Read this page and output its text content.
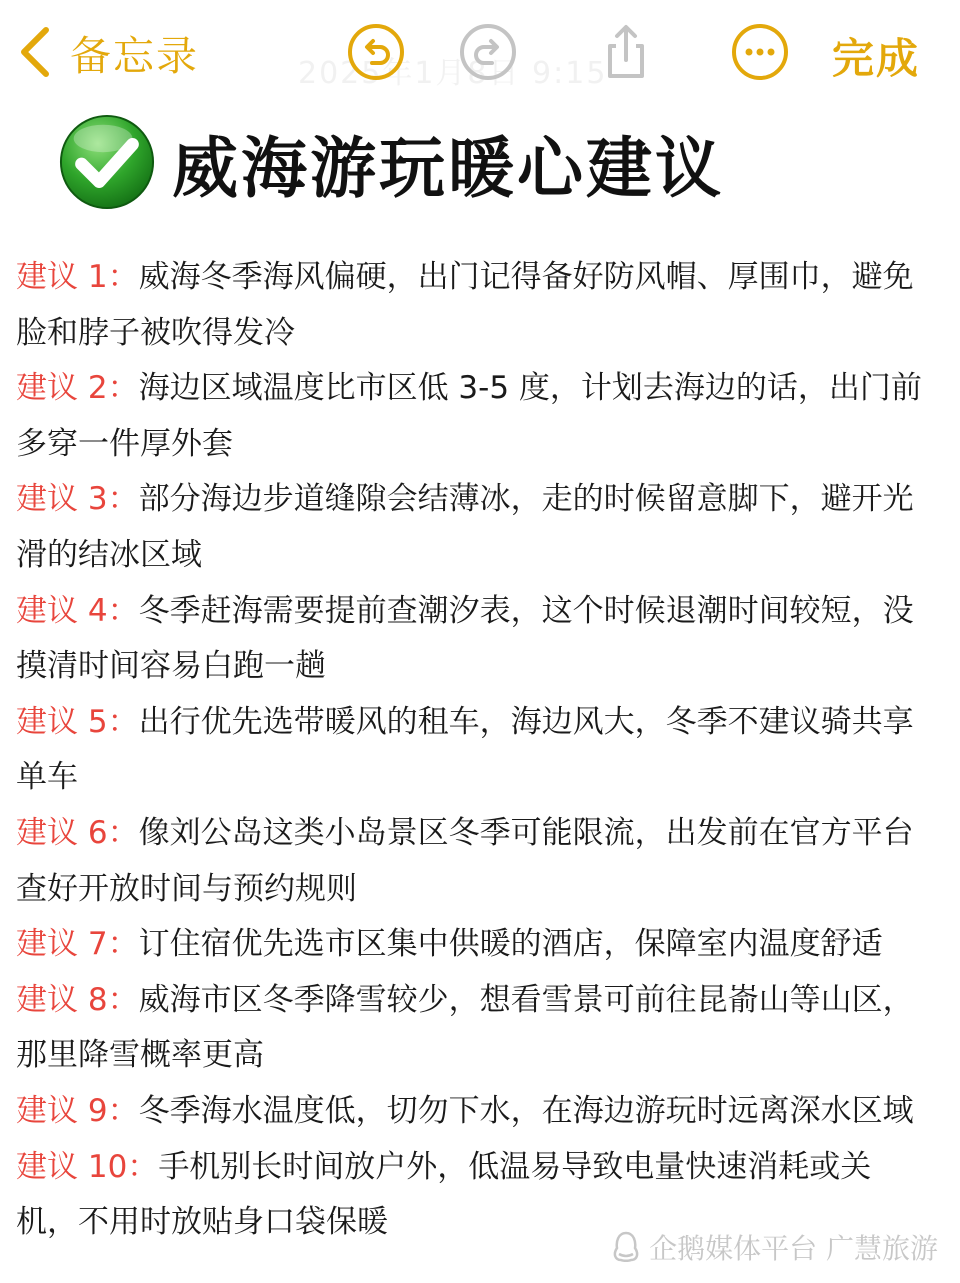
2025年1月8日 9:15
备忘录	完成
威海游玩暖心建议

建议 1：威海冬季海风偏硬，出门记得备好防风帽、厚围巾，避免脸和脖子被吹得发冷

建议 2：海边区域温度比市区低 3-5 度，计划去海边的话，出门前多穿一件厚外套

建议 3：部分海边步道缝隙会结薄冰，走的时候留意脚下，避开光滑的结冰区域

建议 4：冬季赶海需要提前查潮汐表，这个时候退潮时间较短，没摸清时间容易白跑一趟

建议 5：出行优先选带暖风的租车，海边风大，冬季不建议骑共享单车

建议 6：像刘公岛这类小岛景区冬季可能限流，出发前在官方平台查好开放时间与预约规则

建议 7：订住宿优先选市区集中供暖的酒店，保障室内温度舒适

建议 8：威海市区冬季降雪较少，想看雪景可前往昆嵛山等山区，那里降雪概率更高

建议 9：冬季海水温度低，切勿下水，在海边游玩时远离深水区域

建议 10：手机别长时间放户外，低温易导致电量快速消耗或关机，不用时放贴身口袋保暖

企鹅媒体平台 广慧旅游
